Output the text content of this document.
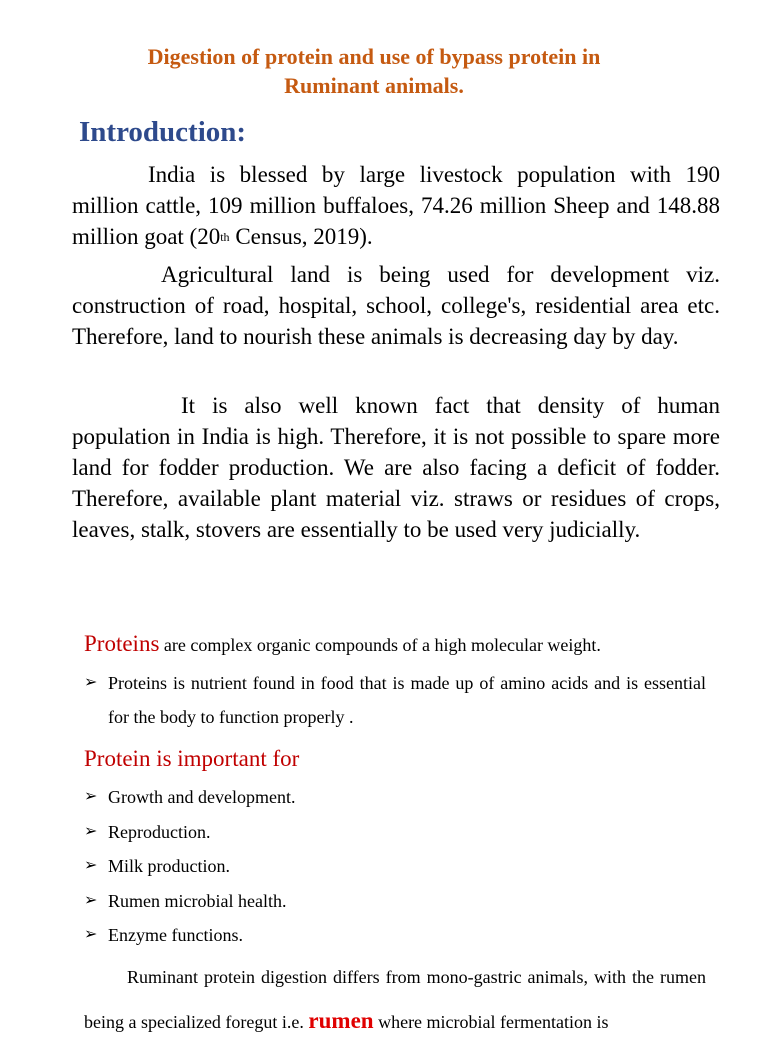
Digestion of protein and use of bypass protein in
Ruminant animals.
Introduction:
India is blessed by large livestock population with 190 million cattle, 109 million buffaloes, 74.26 million Sheep and 148.88 million goat (20th Census, 2019).
Agricultural land is being used for development viz. construction of road, hospital, school, college's, residential area etc. Therefore, land to nourish these animals is decreasing day by day.
It is also well known fact that density of human population in India is high. Therefore, it is not possible to spare more land for fodder production. We are also facing a deficit of fodder. Therefore, available plant material viz. straws or residues of crops, leaves, stalk, stovers are essentially to be used very judicially.
Proteins are complex organic compounds of a high molecular weight.
➢ Proteins is nutrient found in food that is made up of amino acids and is essential for the body to function properly .
Protein is important for
➢ Growth and development.
➢ Reproduction.
➢ Milk production.
➢ Rumen microbial health.
➢ Enzyme functions.
Ruminant protein digestion differs from mono-gastric animals, with the rumen being a specialized foregut i.e. rumen where microbial fermentation is
